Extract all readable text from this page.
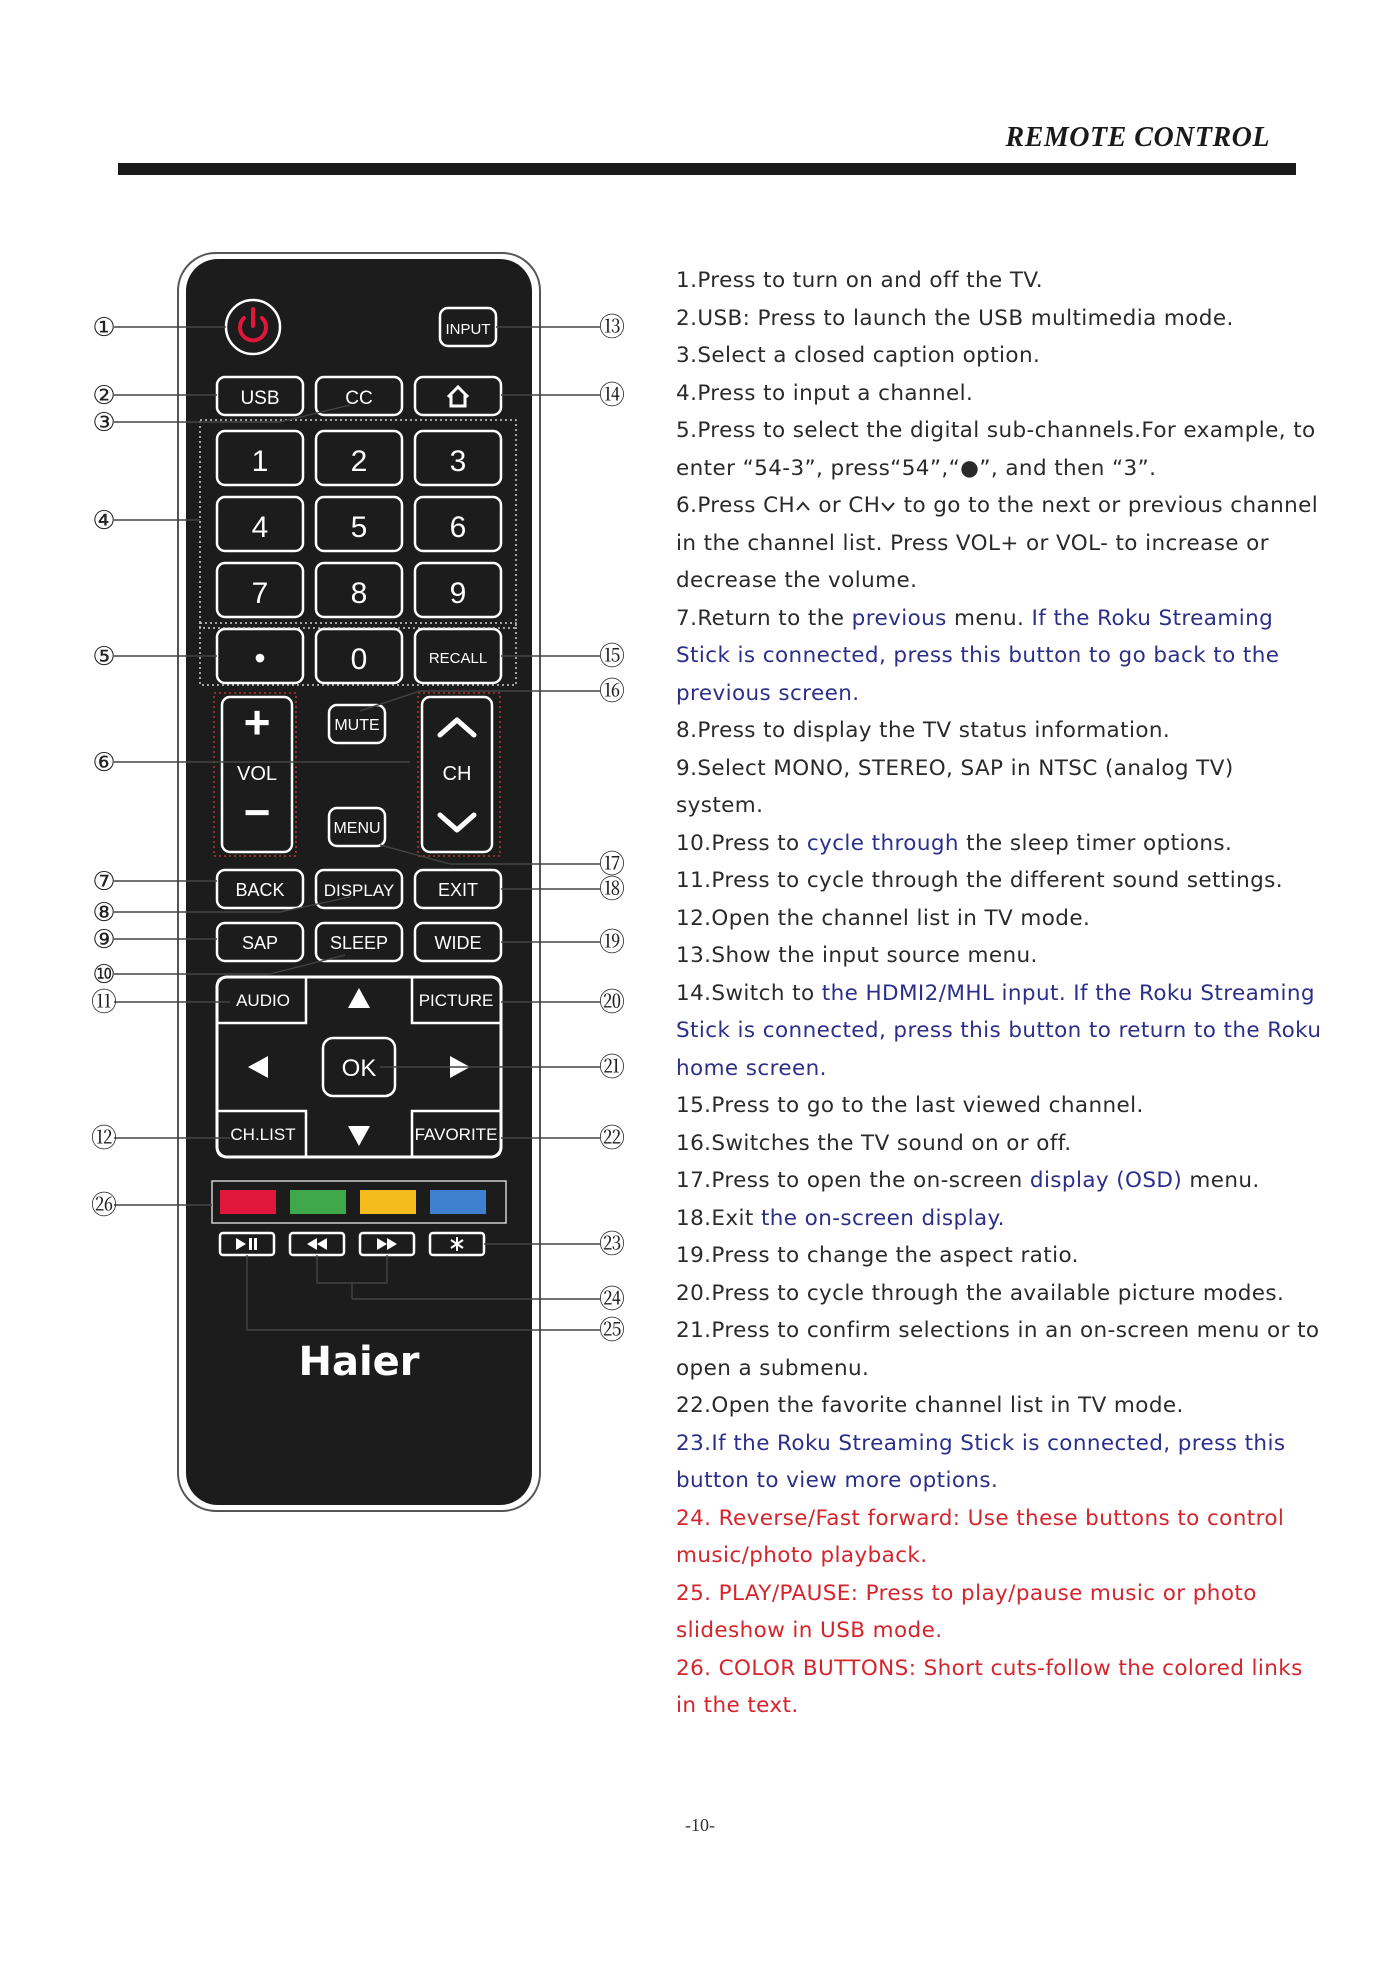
REMOTE CONTROL
INPUT
USB	CC
1	2	3
4	5	6
7	8	9
•	0	RECALL
MUTE
MENU
VOL	CH
+
−
BACK DISPLAY EXIT
SAP	SLEEP	WIDE
AUDIO	PICTURE
OK
CH.LIST	FAVORITE
Haier
①
②
③
④
⑤
⑥
⑦
⑧
⑨
⑩
⑪
⑫
㉖
⑬
⑭
⑮
⑯
⑰
⑱
⑲
⑳
㉑
㉒
㉓
㉔
㉕
1.Press to turn on and off the TV.
2.USB: Press to launch the USB multimedia mode.
3.Select a closed caption option.
4.Press to input a channel.
5.Press to select the digital sub-channels.For example, to
enter “54-3”, press“54”,“●”, and then “3”.
6.Press CH or CH to go to the next or previous channel
in the channel list. Press VOL+ or VOL- to increase or
decrease the volume.
7.Return to the previous menu. If the Roku Streaming
Stick is connected, press this button to go back to the
previous screen.
8.Press to display the TV status information.
9.Select MONO, STEREO, SAP in NTSC (analog TV)
system.
10.Press to cycle through the sleep timer options.
11.Press to cycle through the different sound settings.
12.Open the channel list in TV mode.
13.Show the input source menu.
14.Switch to the HDMI2/MHL input. If the Roku Streaming
Stick is connected, press this button to return to the Roku
home screen.
15.Press to go to the last viewed channel.
16.Switches the TV sound on or off.
17.Press to open the on-screen display (OSD) menu.
18.Exit the on-screen display.
19.Press to change the aspect ratio.
20.Press to cycle through the available picture modes.
21.Press to confirm selections in an on-screen menu or to
open a submenu.
22.Open the favorite channel list in TV mode.
23.If the Roku Streaming Stick is connected, press this
button to view more options.
24. Reverse/Fast forward: Use these buttons to control
music/photo playback.
25. PLAY/PAUSE: Press to play/pause music or photo
slideshow in USB mode.
26. COLOR BUTTONS: Short cuts-follow the colored links
in the text.
-10-
